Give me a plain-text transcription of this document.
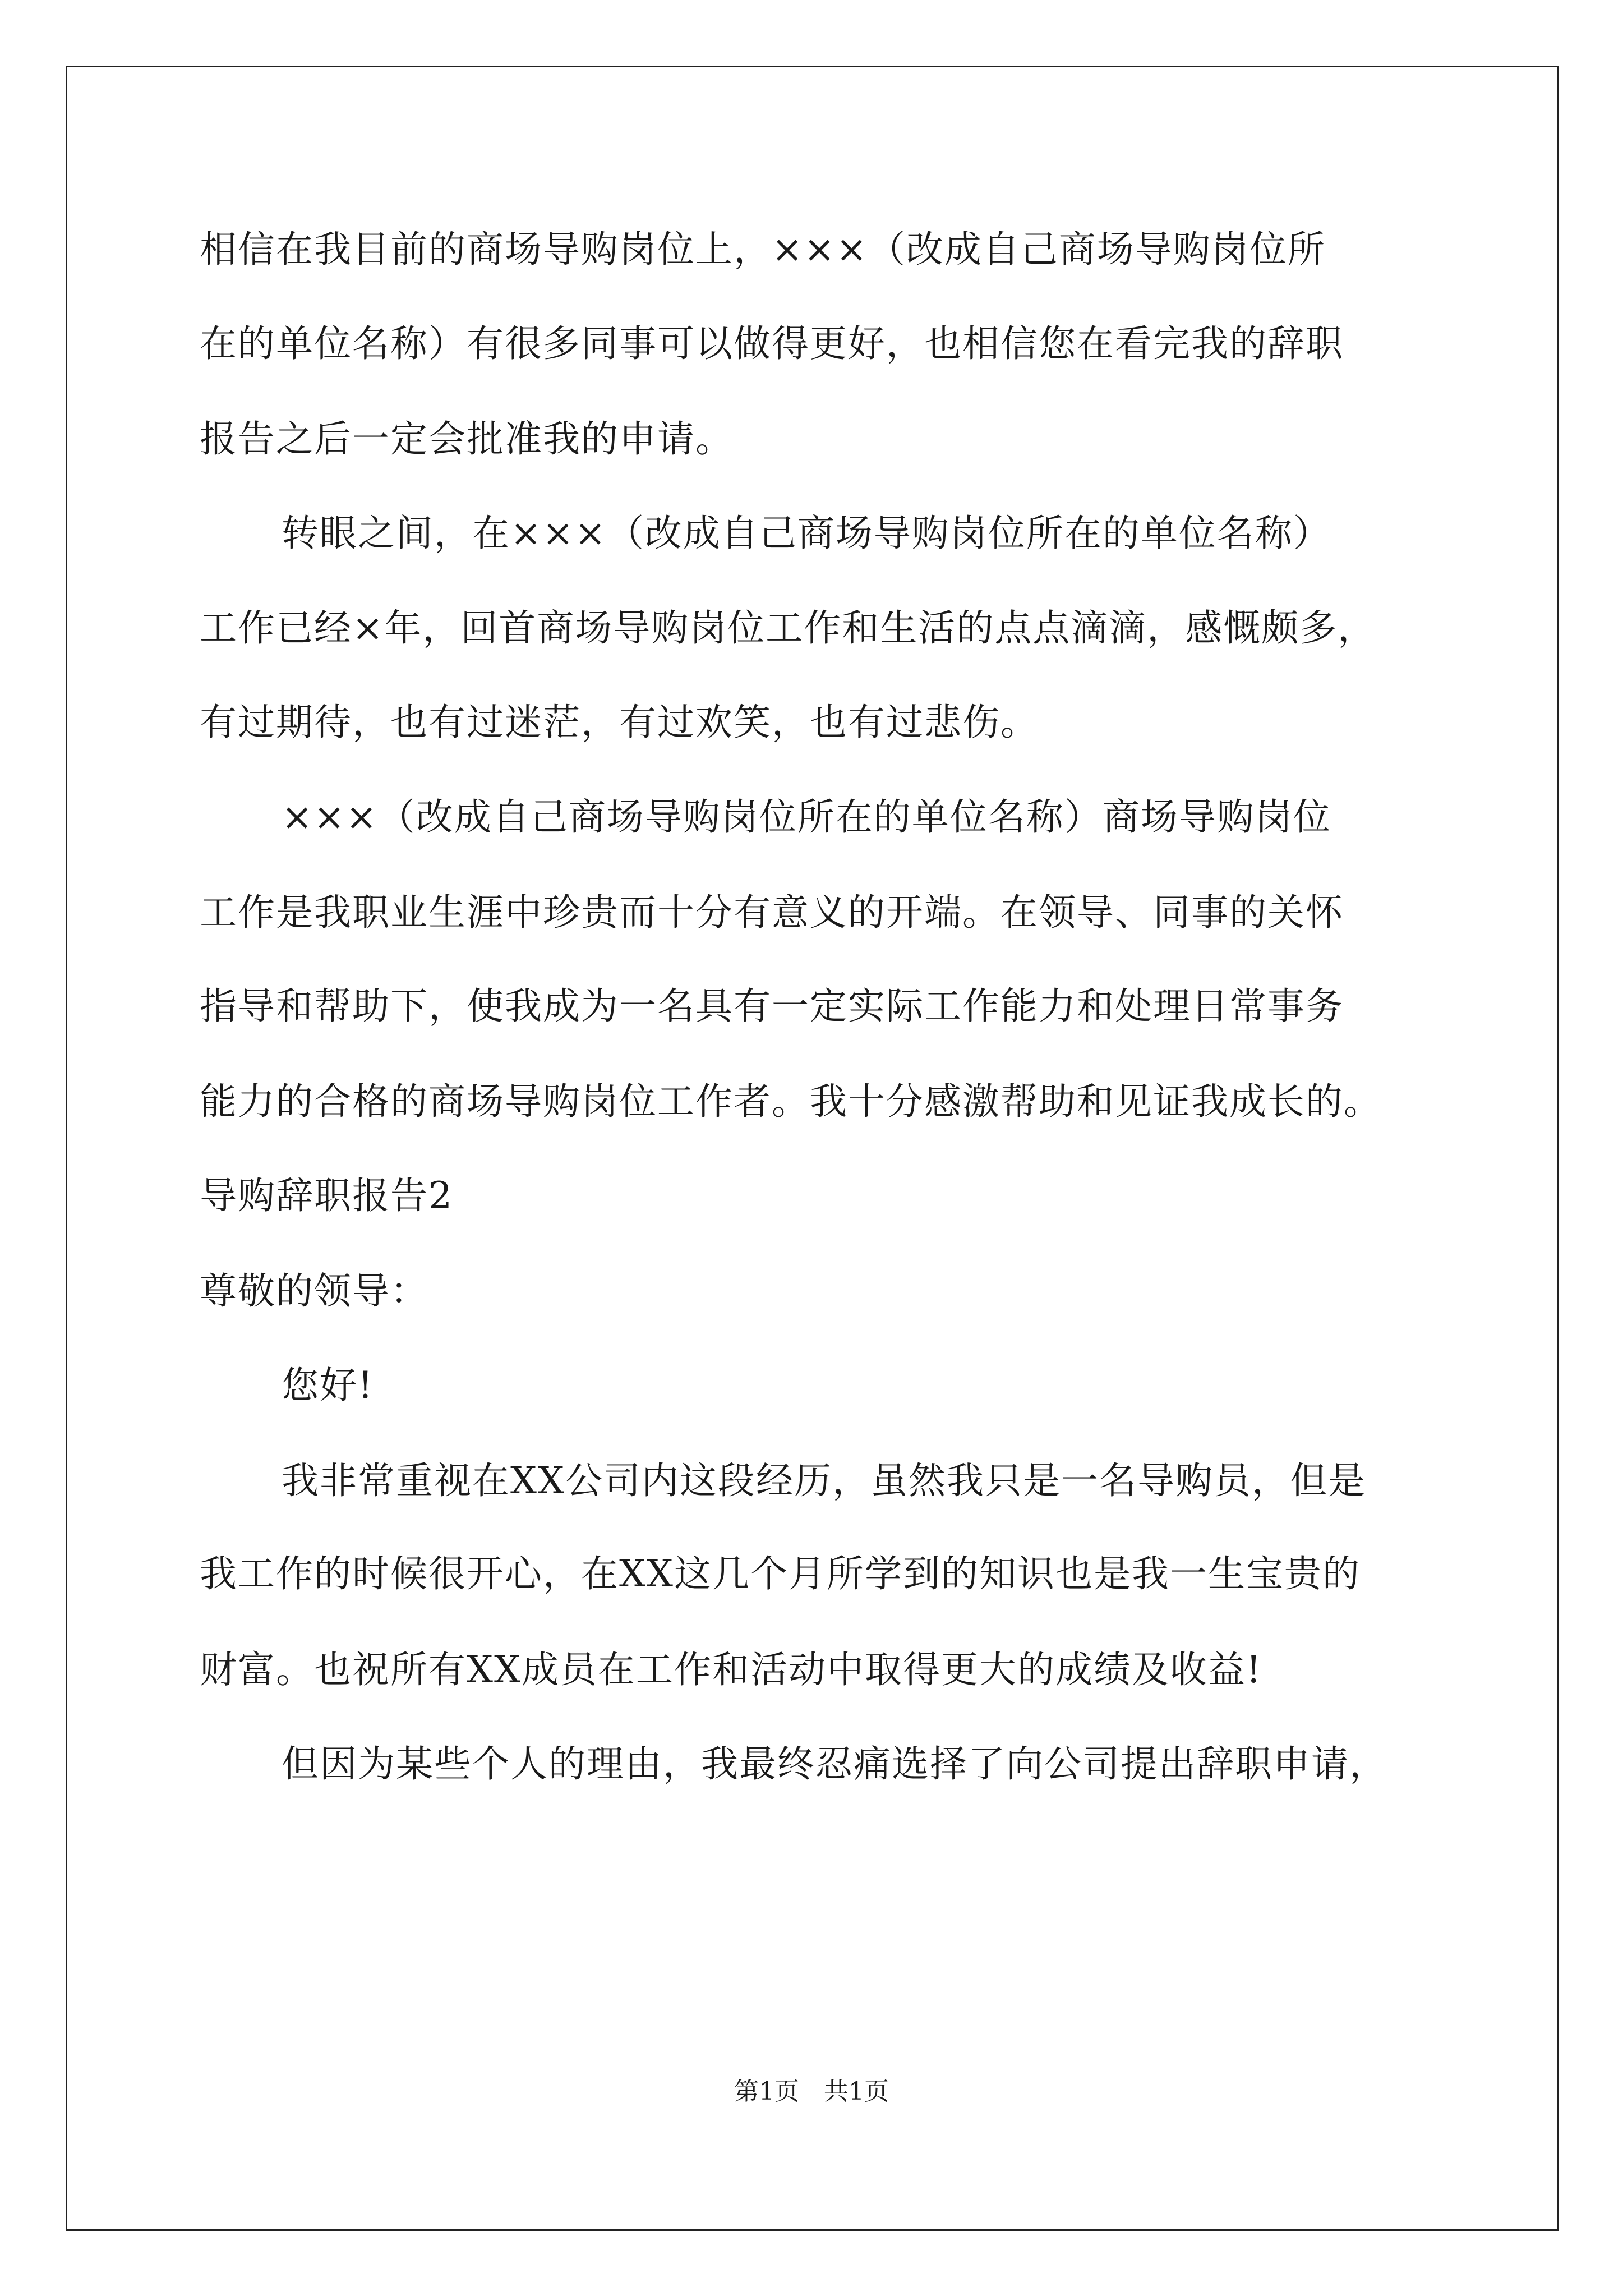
相信在我目前的商场导购岗位上，×××（改成自己商场导购岗位所
在的单位名称）有很多同事可以做得更好，也相信您在看完我的辞职
报告之后一定会批准我的申请。
转眼之间，在×××（改成自己商场导购岗位所在的单位名称）
工作已经×年，回首商场导购岗位工作和生活的点点滴滴，感慨颇多，
有过期待，也有过迷茫，有过欢笑，也有过悲伤。
×××（改成自己商场导购岗位所在的单位名称）商场导购岗位
工作是我职业生涯中珍贵而十分有意义的开端。在领导、同事的关怀
指导和帮助下，使我成为一名具有一定实际工作能力和处理日常事务
能力的合格的商场导购岗位工作者。我十分感激帮助和见证我成长的。
导购辞职报告2
尊敬的领导：
您好!
我非常重视在XX公司内这段经历，虽然我只是一名导购员，但是
我工作的时候很开心，在XX这几个月所学到的知识也是我一生宝贵的
财富。也祝所有XX成员在工作和活动中取得更大的成绩及收益!
但因为某些个人的理由，我最终忍痛选择了向公司提出辞职申请，
第1页　共1页
